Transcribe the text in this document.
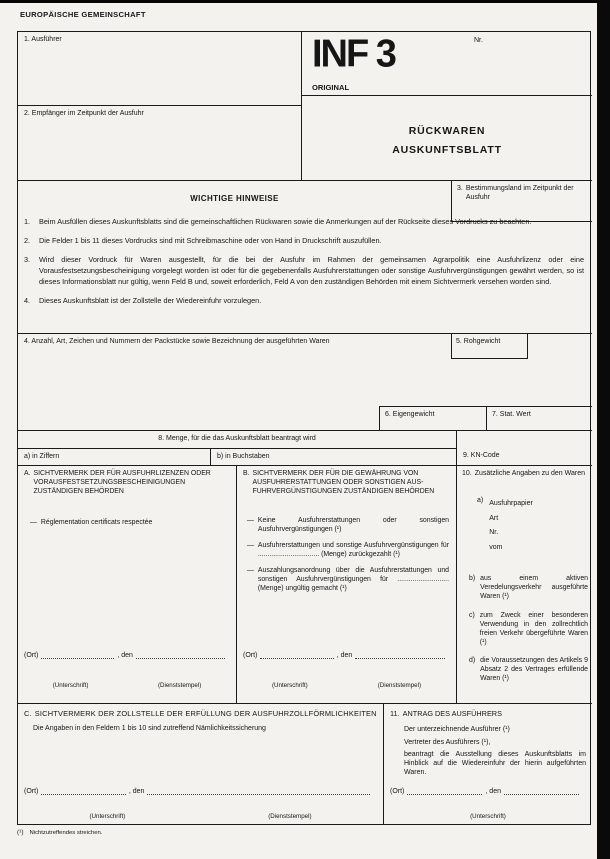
EUROPÄISCHE GEMEINSCHAFT
1. Ausführer
2. Empfänger im Zeitpunkt der Ausfuhr
INF 3	Nr.
ORIGINAL
RÜCKWAREN
AUSKUNFTSBLATT
3. Bestimmungsland im Zeitpunkt der Ausfuhr
WICHTIGE HINWEISE
1.	Beim Ausfüllen dieses Auskunftsblatts sind die gemeinschaftlichen Rückwaren sowie die Anmerkungen auf der Rückseite dieses Vordrucks zu beachten.
2.	Die Felder 1 bis 11 dieses Vordrucks sind mit Schreibmaschine oder von Hand in Druckschrift auszufüllen.
3.	Wird dieser Vordruck für Waren ausgestellt, für die bei der Ausfuhr im Rahmen der gemeinsamen Agrarpolitik eine Ausfuhrlizenz oder eine Vorausfestsetzungsbescheinigung vorgelegt worden ist oder für die gegebenenfalls Ausfuhrerstattungen oder sonstige Ausfuhrvergünstigungen gewährt werden, so ist dieses Informationsblatt nur gültig, wenn Feld B und, soweit erforderlich, Feld A von den zuständigen Behörden mit einem Sichtvermerk versehen worden sind.
4.	Dieses Auskunftsblatt ist der Zollstelle der Wiedereinfuhr vorzulegen.
4. Anzahl, Art, Zeichen und Nummern der Packstücke sowie Bezeichnung der ausgeführten Waren	5. Rohgewicht
6. Eigengewicht	7. Stat. Wert
8. Menge, für die das Auskunftsblatt beantragt wird
a) in Ziffern	b) in Buchstaben	9. KN-Code
A. SICHTVERMERK DER FÜR AUSFUHRLIZENZEN ODER VORAUSFESTSETZUNGSBESCHEINIGUNGEN ZUSTÄNDIGEN BEHÖRDEN
— Réglementation certificats respectée
(Ort)	, den
(Unterschrift)	(Dienststempel)
B. SICHTVERMERK DER FÜR DIE GEWÄHRUNG VON AUSFUHRERSTATTUNGEN ODER SONSTIGEN AUS-FUHRVERGÜNSTIGUNGEN ZUSTÄNDIGEN BEHÖRDEN
— Keine Ausfuhrerstattungen oder sonstigen Ausfuhrvergünstigungen (¹)
— Ausfuhrerstattungen und sonstige Ausfuhrvergünstigungen für ................................ (Menge) zurückgezahlt (¹)
— Auszahlungsanordnung über die Ausfuhrerstattungen und sonstigen Ausfuhrvergünstigungen für ........................... (Menge) ungültig gemacht (¹)
(Ort)	, den
(Unterschrift)	(Dienststempel)
10. Zusätzliche Angaben zu den Waren
a) Ausfuhrpapier
Art
Nr.
vom
b) aus einem aktiven Veredelungsverkehr ausgeführte Waren (¹)
c) zum Zweck einer besonderen Verwendung in den zollrechtlich freien Verkehr übergeführte Waren (¹)
d) die Voraussetzungen des Artikels 9 Absatz 2 des Vertrages erfüllende Waren (¹)
C. SICHTVERMERK DER ZOLLSTELLE DER ERFÜLLUNG DER AUSFUHRZOLLFÖRMLICHKEITEN
Die Angaben in den Feldern 1 bis 10 sind zutreffend Nämlichkeitssicherung
(Ort)	, den
(Unterschrift)	(Dienststempel)
11. ANTRAG DES AUSFÜHRERS
Der unterzeichnende Ausführer (¹)
Vertreter des Ausführers (¹),
beantragt die Ausstellung dieses Auskunftsblatts im Hinblick auf die Wiedereinfuhr der hierin aufgeführten Waren.
(Ort)	, den
(Unterschrift)
(¹) Nichtzutreffendes streichen.
